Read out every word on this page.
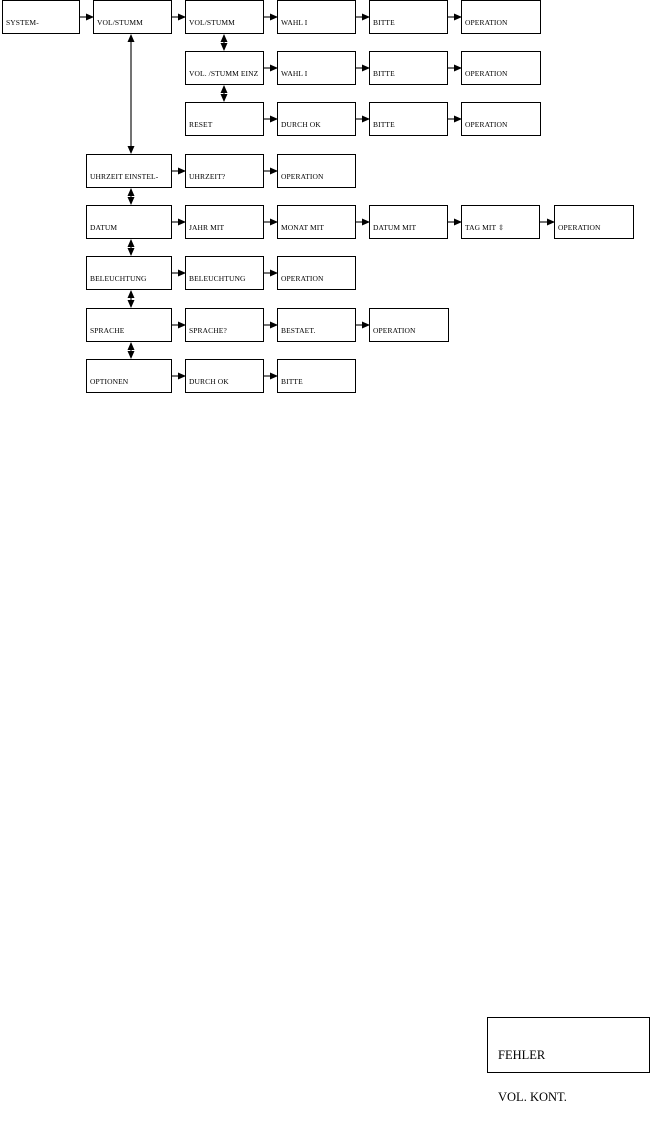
SYSTEM-

	VOL/STUMM

	VOL/STUMM

	WAHL I

	BITTE

	OPERATION

VOL. /STUMM EINZ

	WAHL I

	BITTE

	OPERATION

RESET

	DURCH OK

	BITTE

	OPERATION

UHRZEIT EINSTEL-

	UHRZEIT?

	OPERATION

DATUM

	JAHR MIT

	MONAT MIT

	DATUM MIT

	TAG MIT ⇳

	OPERATION

BELEUCHTUNG

	BELEUCHTUNG

	OPERATION

SPRACHE

	SPRACHE?

	BESTAET.

	OPERATION

OPTIONEN

	DURCH OK

	BITTE

FEHLER

VOL. KONT.
